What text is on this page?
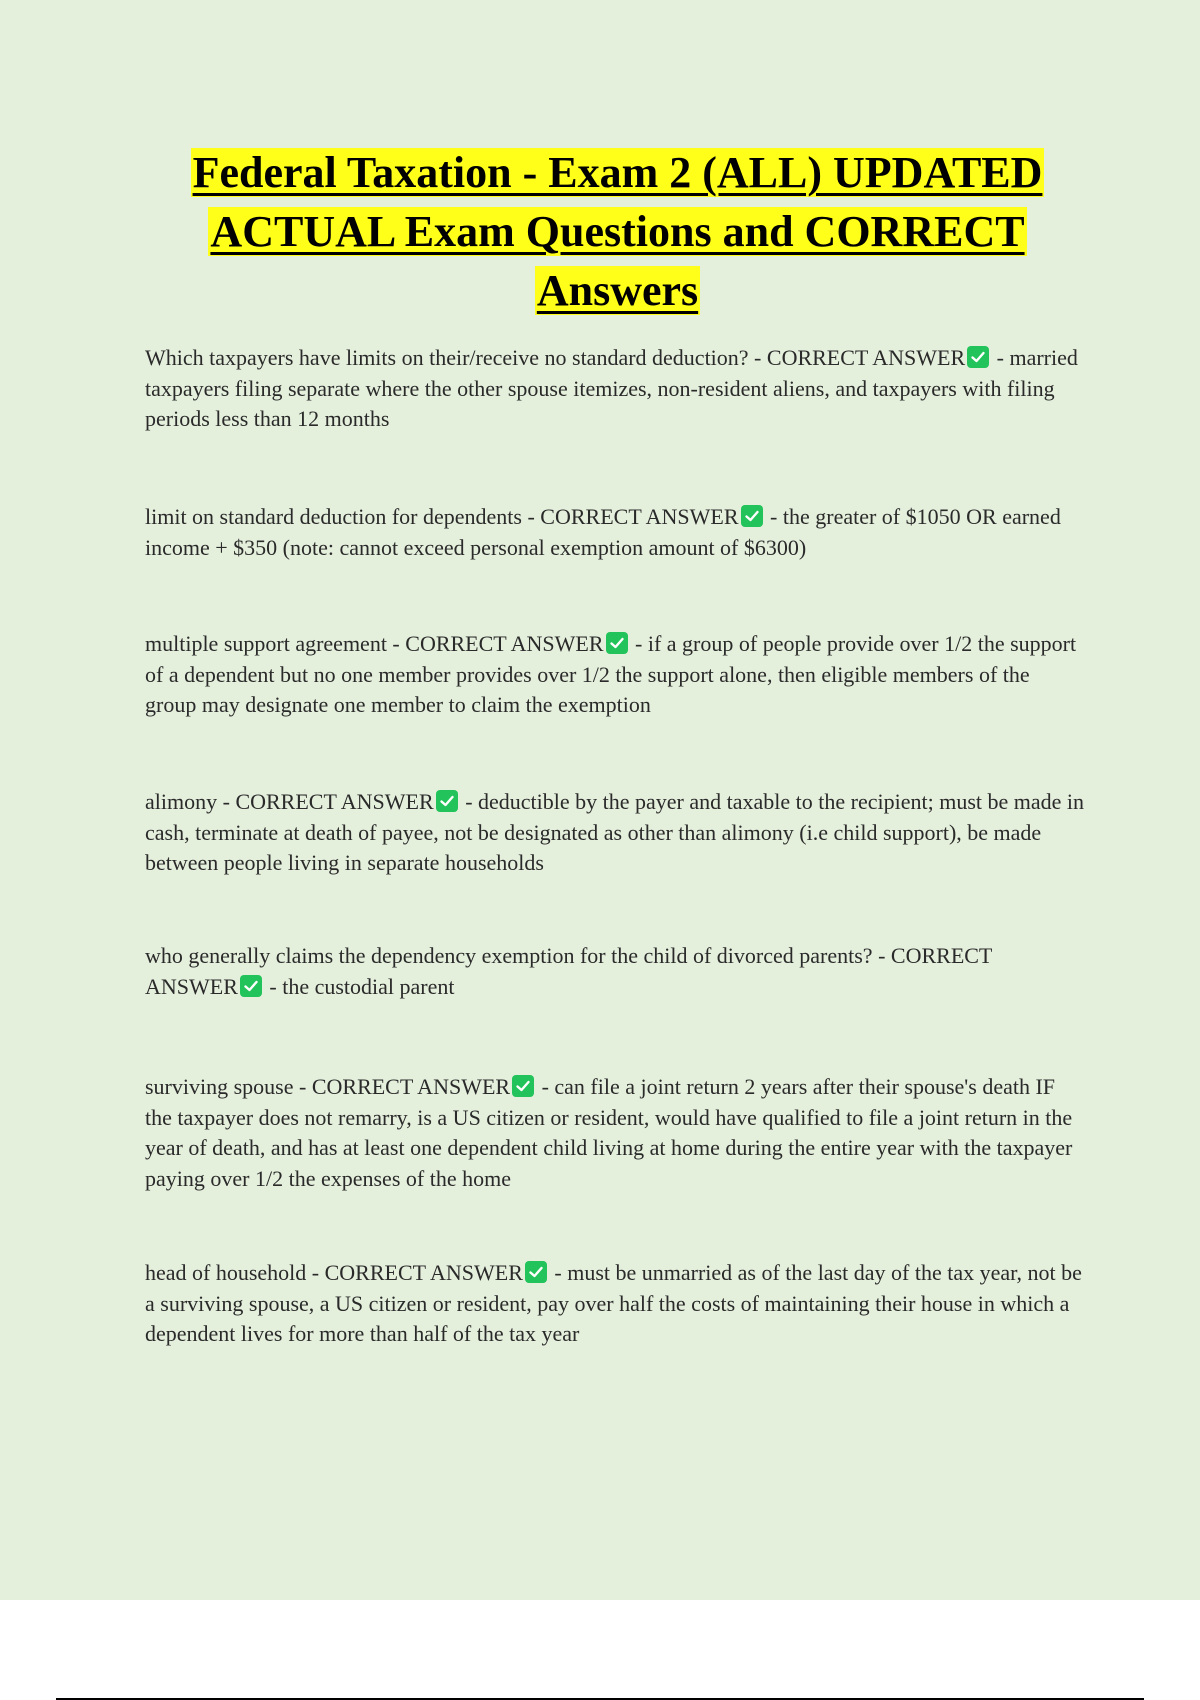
Federal Taxation - Exam 2 (ALL) UPDATED
ACTUAL Exam Questions and CORRECT
Answers

Which taxpayers have limits on their/receive no standard deduction? - CORRECT ANSWER
- married taxpayers filing separate where the other spouse itemizes, non-resident aliens, and taxpayers with filing periods less than 12 months

limit on standard deduction for dependents - CORRECT ANSWER
- the greater of $1050 OR earned income + $350 (note: cannot exceed personal exemption amount of $6300)

multiple support agreement - CORRECT ANSWER
- if a group of people provide over 1/2 the support of a dependent but no one member provides over 1/2 the support alone, then eligible members of the group may designate one member to claim the exemption

alimony - CORRECT ANSWER
- deductible by the payer and taxable to the recipient; must be made in cash, terminate at death of payee, not be designated as other than alimony (i.e child support), be made between people living in separate households

who generally claims the dependency exemption for the child of divorced parents? - CORRECT ANSWER
- the custodial parent

surviving spouse - CORRECT ANSWER
- can file a joint return 2 years after their spouse's death IF the taxpayer does not remarry, is a US citizen or resident, would have qualified to file a joint return in the year of death, and has at least one dependent child living at home during the entire year with the taxpayer paying over 1/2 the expenses of the home

head of household - CORRECT ANSWER
- must be unmarried as of the last day of the tax year, not be a surviving spouse, a US citizen or resident, pay over half the costs of maintaining their house in which a dependent lives for more than half of the tax year
